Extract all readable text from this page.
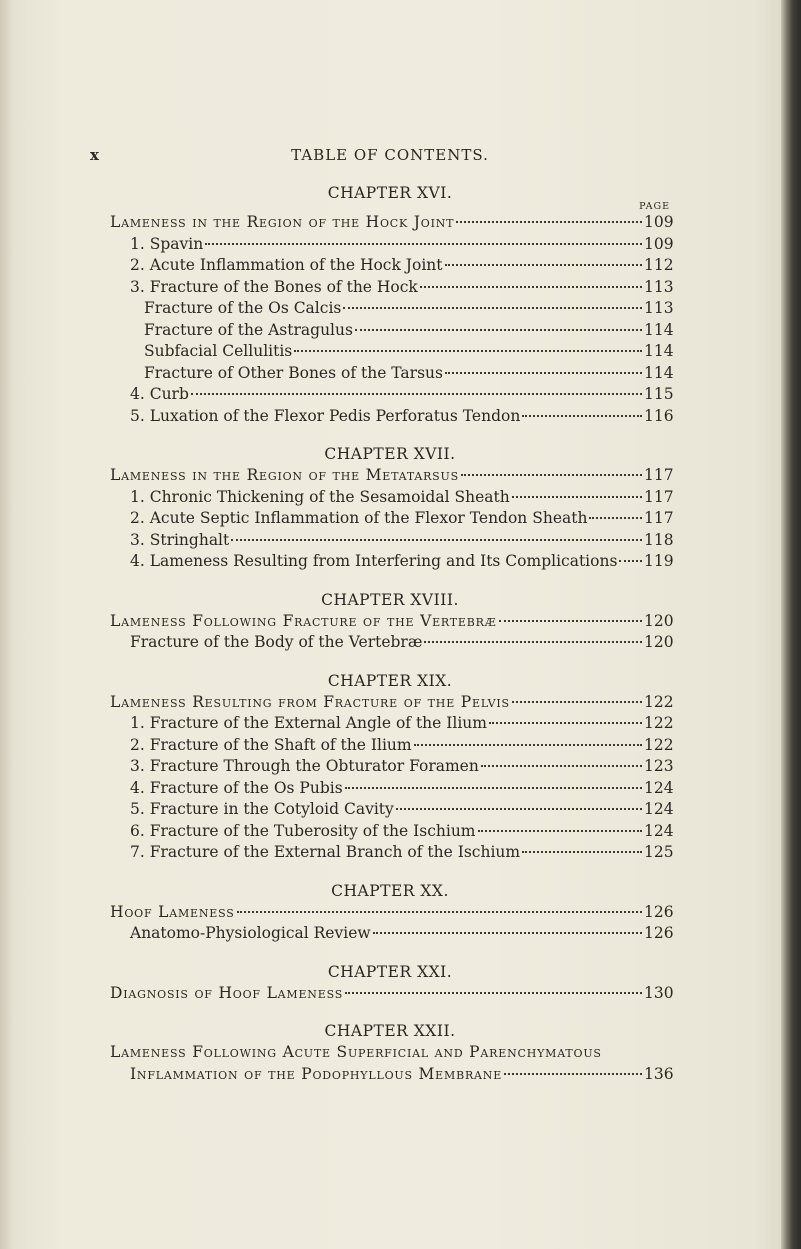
x	TABLE OF CONTENTS.
CHAPTER XVI.
PAGE
Lameness in the Region of the Hock Joint	109
1. Spavin	109
2. Acute Inflammation of the Hock Joint	112
3. Fracture of the Bones of the Hock	113
Fracture of the Os Calcis	113
Fracture of the Astragulus	114
Subfacial Cellulitis	114
Fracture of Other Bones of the Tarsus	114
4. Curb	115
5. Luxation of the Flexor Pedis Perforatus Tendon	116
CHAPTER XVII.
Lameness in the Region of the Metatarsus	117
1. Chronic Thickening of the Sesamoidal Sheath	117
2. Acute Septic Inflammation of the Flexor Tendon Sheath	117
3. Stringhalt	118
4. Lameness Resulting from Interfering and Its Complications 119
CHAPTER XVIII.
Lameness Following Fracture of the Vertebræ	120
Fracture of the Body of the Vertebræ	120
CHAPTER XIX.
Lameness Resulting from Fracture of the Pelvis	122
1. Fracture of the External Angle of the Ilium	122
2. Fracture of the Shaft of the Ilium	122
3. Fracture Through the Obturator Foramen	123
4. Fracture of the Os Pubis	124
5. Fracture in the Cotyloid Cavity	124
6. Fracture of the Tuberosity of the Ischium	124
7. Fracture of the External Branch of the Ischium	125
CHAPTER XX.
Hoof Lameness	126
Anatomo-Physiological Review	126
CHAPTER XXI.
Diagnosis of Hoof Lameness	130
CHAPTER XXII.
Lameness Following Acute Superficial and Parenchymatous
Inflammation of the Podophyllous Membrane	136
